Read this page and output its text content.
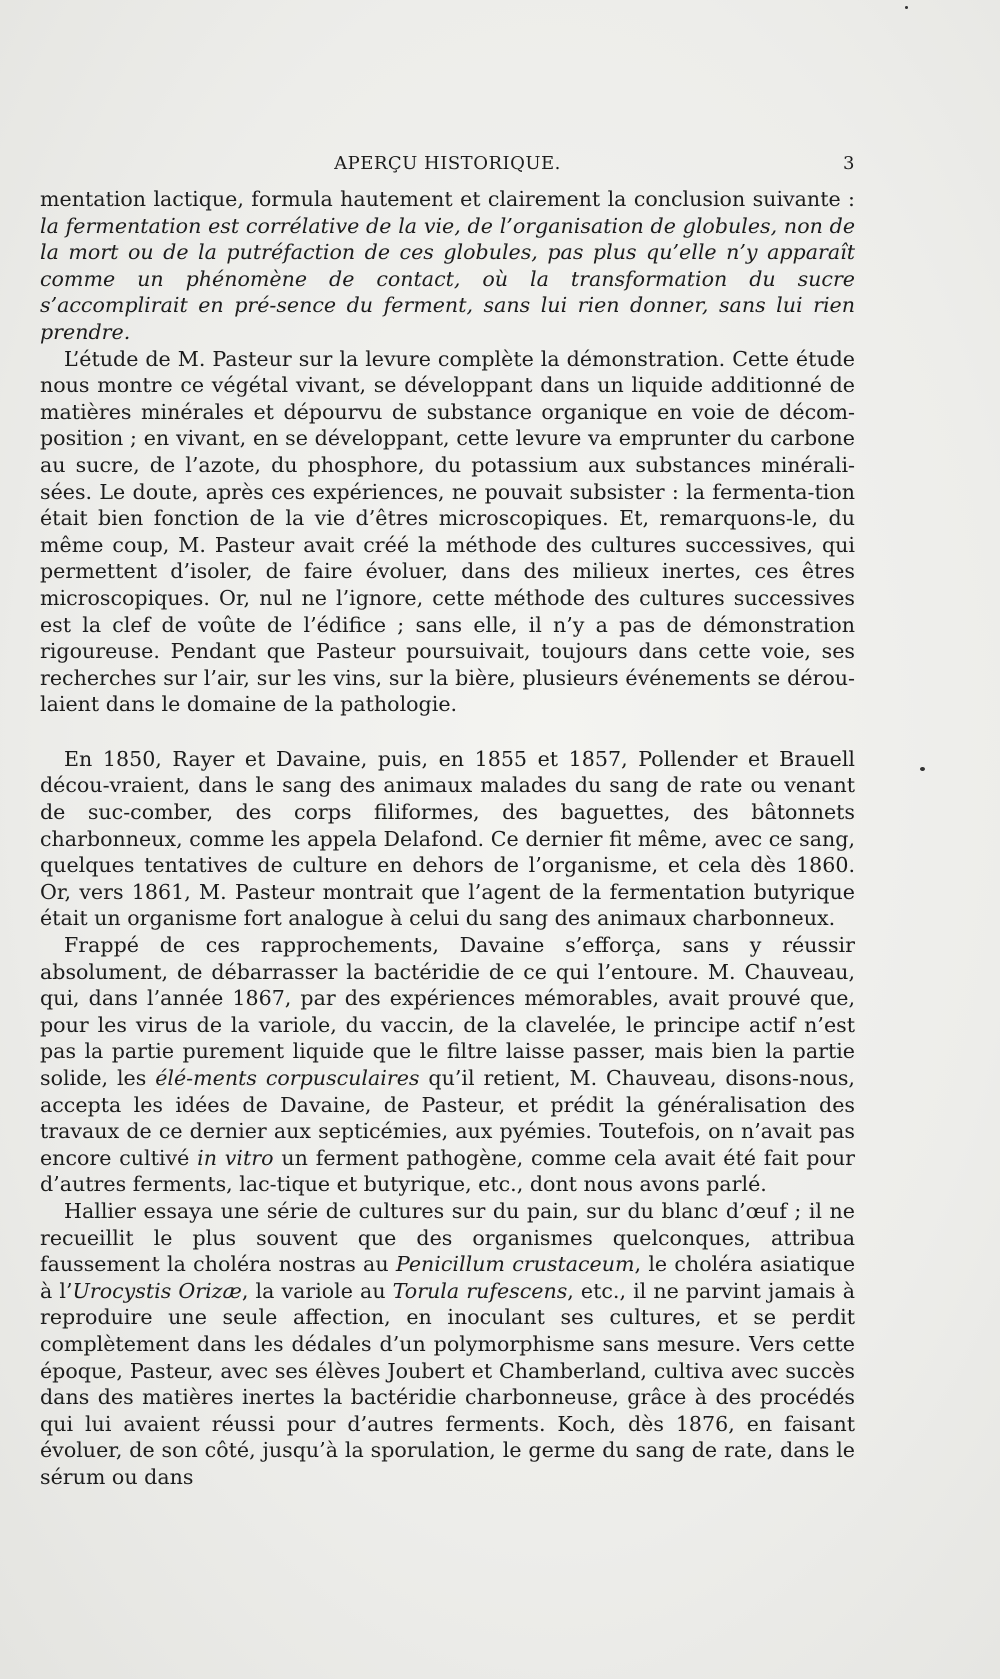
APERÇU HISTORIQUE.	3

mentation lactique, formula hautement et clairement la conclusion suivante : la fermentation est corrélative de la vie, de l’organisation de globules, non de la mort ou de la putréfaction de ces globules, pas plus qu’elle n’y apparaît comme un phénomène de contact, où la transformation du sucre s’accomplirait en pré-sence du ferment, sans lui rien donner, sans lui rien prendre.

L’étude de M. Pasteur sur la levure complète la démonstration. Cette étude nous montre ce végétal vivant, se développant dans un liquide additionné de matières minérales et dépourvu de substance organique en voie de décom-position ; en vivant, en se développant, cette levure va emprunter du carbone au sucre, de l’azote, du phosphore, du potassium aux substances minérali-sées. Le doute, après ces expériences, ne pouvait subsister : la fermenta-tion était bien fonction de la vie d’êtres microscopiques. Et, remarquons-le, du même coup, M. Pasteur avait créé la méthode des cultures successives, qui permettent d’isoler, de faire évoluer, dans des milieux inertes, ces êtres microscopiques. Or, nul ne l’ignore, cette méthode des cultures successives est la clef de voûte de l’édifice ; sans elle, il n’y a pas de démonstration rigoureuse. Pendant que Pasteur poursuivait, toujours dans cette voie, ses recherches sur l’air, sur les vins, sur la bière, plusieurs événements se dérou-laient dans le domaine de la pathologie.

En 1850, Rayer et Davaine, puis, en 1855 et 1857, Pollender et Brauell décou-vraient, dans le sang des animaux malades du sang de rate ou venant de suc-comber, des corps filiformes, des baguettes, des bâtonnets charbonneux, comme les appela Delafond. Ce dernier fit même, avec ce sang, quelques tentatives de culture en dehors de l’organisme, et cela dès 1860. Or, vers 1861, M. Pasteur montrait que l’agent de la fermentation butyrique était un organisme fort analogue à celui du sang des animaux charbonneux.

Frappé de ces rapprochements, Davaine s’efforça, sans y réussir absolument, de débarrasser la bactéridie de ce qui l’entoure. M. Chauveau, qui, dans l’année 1867, par des expériences mémorables, avait prouvé que, pour les virus de la variole, du vaccin, de la clavelée, le principe actif n’est pas la partie purement liquide que le filtre laisse passer, mais bien la partie solide, les élé-ments corpusculaires qu’il retient, M. Chauveau, disons-nous, accepta les idées de Davaine, de Pasteur, et prédit la généralisation des travaux de ce dernier aux septicémies, aux pyémies. Toutefois, on n’avait pas encore cultivé in vitro un ferment pathogène, comme cela avait été fait pour d’autres ferments, lac-tique et butyrique, etc., dont nous avons parlé.

Hallier essaya une série de cultures sur du pain, sur du blanc d’œuf ; il ne recueillit le plus souvent que des organismes quelconques, attribua faussement la choléra nostras au Penicillum crustaceum, le choléra asiatique à l’Urocystis Orizæ, la variole au Torula rufescens, etc., il ne parvint jamais à reproduire une seule affection, en inoculant ses cultures, et se perdit complètement dans les dédales d’un polymorphisme sans mesure. Vers cette époque, Pasteur, avec ses élèves Joubert et Chamberland, cultiva avec succès dans des matières inertes la bactéridie charbonneuse, grâce à des procédés qui lui avaient réussi pour d’autres ferments. Koch, dès 1876, en faisant évoluer, de son côté, jusqu’à la sporulation, le germe du sang de rate, dans le sérum ou dans
